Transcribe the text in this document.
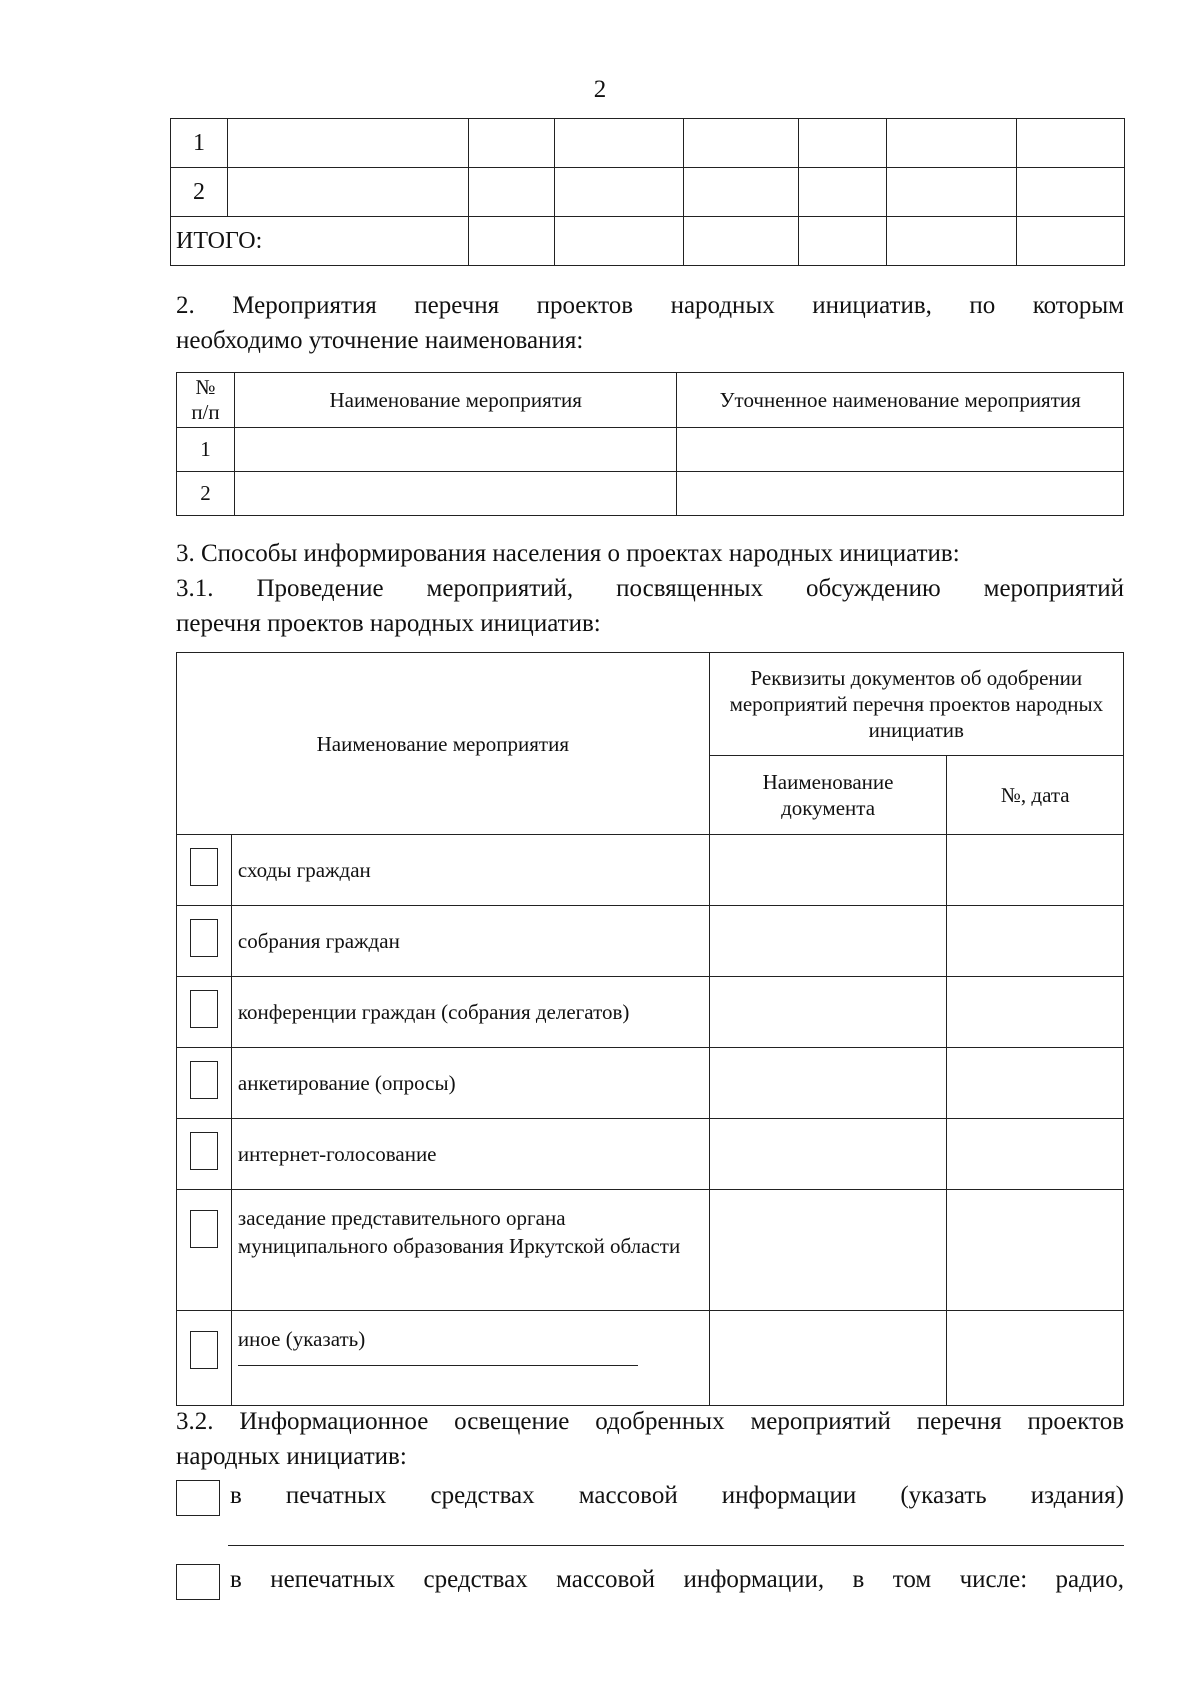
2
1							
2							
ИТОГО:							
2. Мероприятия перечня проектов народных инициатив, по которым
необходимо уточнение наименования:
№
п/п	Наименование мероприятия	Уточненное наименование мероприятия
1		
2		
3. Способы информирования населения о проектах народных инициатив:
3.1. Проведение мероприятий, посвященных обсуждению мероприятий
перечня проектов народных инициатив:
Наименование мероприятия		Реквизиты документов об одобрении мероприятий перечня проектов народных инициатив	
		Наименование документа	№, дата
	сходы граждан		
	собрания граждан		
	конференции граждан (собрания делегатов)		
	анкетирование (опросы)		
	интернет-голосование		
	заседание представительного органа муниципального образования Иркутской области		
	иное (указать)

3.2. Информационное освещение одобренных мероприятий перечня проектов
народных инициатив:
в печатных средствах массовой информации (указать издания)
в непечатных средствах массовой информации, в том числе: радио,
